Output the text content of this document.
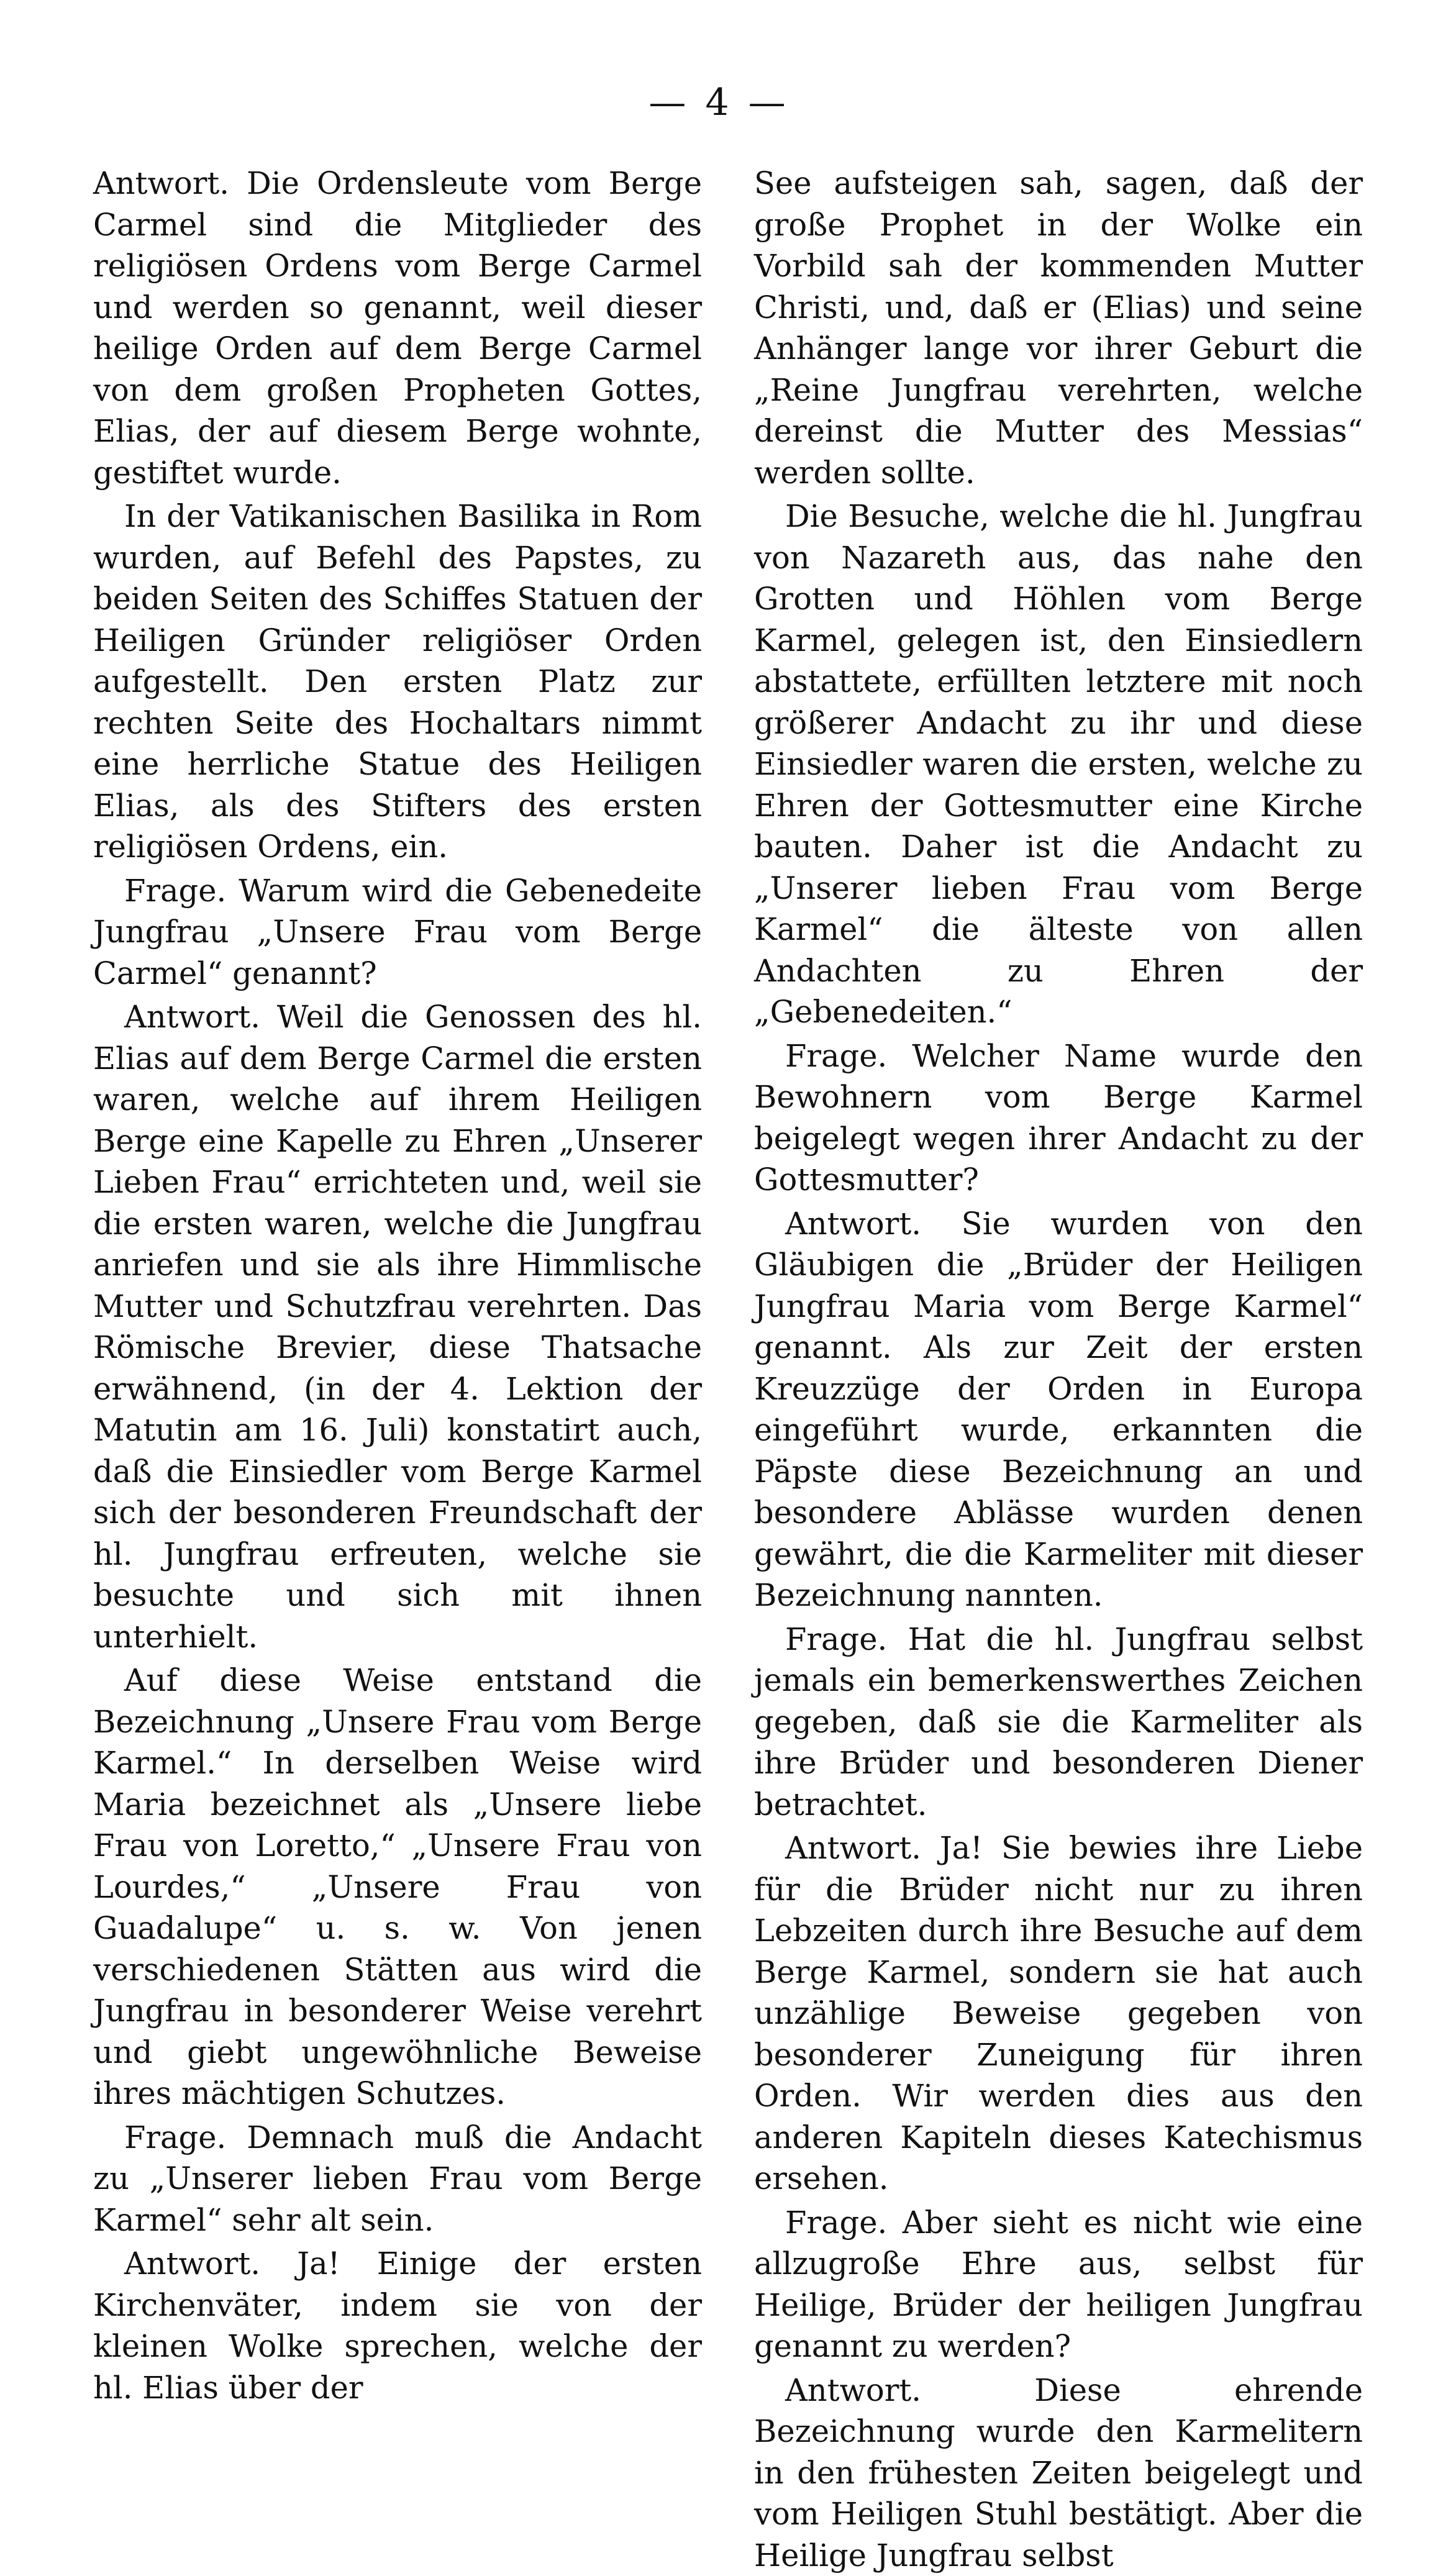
— 4 —

Antwort. Die Ordensleute vom Berge Carmel sind die Mitglieder des religiösen Ordens vom Berge Carmel und werden so genannt, weil dieser heilige Orden auf dem Berge Carmel von dem großen Propheten Gottes, Elias, der auf diesem Berge wohnte, gestiftet wurde.

In der Vatikanischen Basilika in Rom wurden, auf Befehl des Papstes, zu beiden Seiten des Schiffes Statuen der Heiligen Gründer religiöser Orden aufgestellt. Den ersten Platz zur rechten Seite des Hochaltars nimmt eine herrliche Statue des Heiligen Elias, als des Stifters des ersten religiösen Ordens, ein.

Frage. Warum wird die Gebenedeite Jungfrau „Unsere Frau vom Berge Carmel“ genannt?

Antwort. Weil die Genossen des hl. Elias auf dem Berge Carmel die ersten waren, welche auf ihrem Heiligen Berge eine Kapelle zu Ehren „Unserer Lieben Frau“ errichteten und, weil sie die ersten waren, welche die Jungfrau anriefen und sie als ihre Himmlische Mutter und Schutzfrau verehrten. Das Römische Brevier, diese Thatsache erwähnend, (in der 4. Lektion der Matutin am 16. Juli) konstatirt auch, daß die Einsiedler vom Berge Karmel sich der besonderen Freundschaft der hl. Jungfrau erfreuten, welche sie besuchte und sich mit ihnen unterhielt.

Auf diese Weise entstand die Bezeichnung „Unsere Frau vom Berge Karmel.“ In derselben Weise wird Maria bezeichnet als „Unsere liebe Frau von Loretto,“ „Unsere Frau von Lourdes,“ „Unsere Frau von Guadalupe“ u. s. w. Von jenen verschiedenen Stätten aus wird die Jungfrau in besonderer Weise verehrt und giebt ungewöhnliche Beweise ihres mächtigen Schutzes.

Frage. Demnach muß die Andacht zu „Unserer lieben Frau vom Berge Karmel“ sehr alt sein.

Antwort. Ja! Einige der ersten Kirchenväter, indem sie von der kleinen Wolke sprechen, welche der hl. Elias über der

See aufsteigen sah, sagen, daß der große Prophet in der Wolke ein Vorbild sah der kommenden Mutter Christi, und, daß er (Elias) und seine Anhänger lange vor ihrer Geburt die „Reine Jungfrau verehrten, welche dereinst die Mutter des Messias“ werden sollte.

Die Besuche, welche die hl. Jungfrau von Nazareth aus, das nahe den Grotten und Höhlen vom Berge Karmel, gelegen ist, den Einsiedlern abstattete, erfüllten letztere mit noch größerer Andacht zu ihr und diese Einsiedler waren die ersten, welche zu Ehren der Gottesmutter eine Kirche bauten. Daher ist die Andacht zu „Unserer lieben Frau vom Berge Karmel“ die älteste von allen Andachten zu Ehren der „Gebenedeiten.“

Frage. Welcher Name wurde den Bewohnern vom Berge Karmel beigelegt wegen ihrer Andacht zu der Gottesmutter?

Antwort. Sie wurden von den Gläubigen die „Brüder der Heiligen Jungfrau Maria vom Berge Karmel“ genannt. Als zur Zeit der ersten Kreuzzüge der Orden in Europa eingeführt wurde, erkannten die Päpste diese Bezeichnung an und besondere Ablässe wurden denen gewährt, die die Karmeliter mit dieser Bezeichnung nannten.

Frage. Hat die hl. Jungfrau selbst jemals ein bemerkenswerthes Zeichen gegeben, daß sie die Karmeliter als ihre Brüder und besonderen Diener betrachtet.

Antwort. Ja! Sie bewies ihre Liebe für die Brüder nicht nur zu ihren Lebzeiten durch ihre Besuche auf dem Berge Karmel, sondern sie hat auch unzählige Beweise gegeben von besonderer Zuneigung für ihren Orden. Wir werden dies aus den anderen Kapiteln dieses Katechismus ersehen.

Frage. Aber sieht es nicht wie eine allzugroße Ehre aus, selbst für Heilige, Brüder der heiligen Jungfrau genannt zu werden?

Antwort. Diese ehrende Bezeichnung wurde den Karmelitern in den frühesten Zeiten beigelegt und vom Heiligen Stuhl bestätigt. Aber die Heilige Jungfrau selbst
